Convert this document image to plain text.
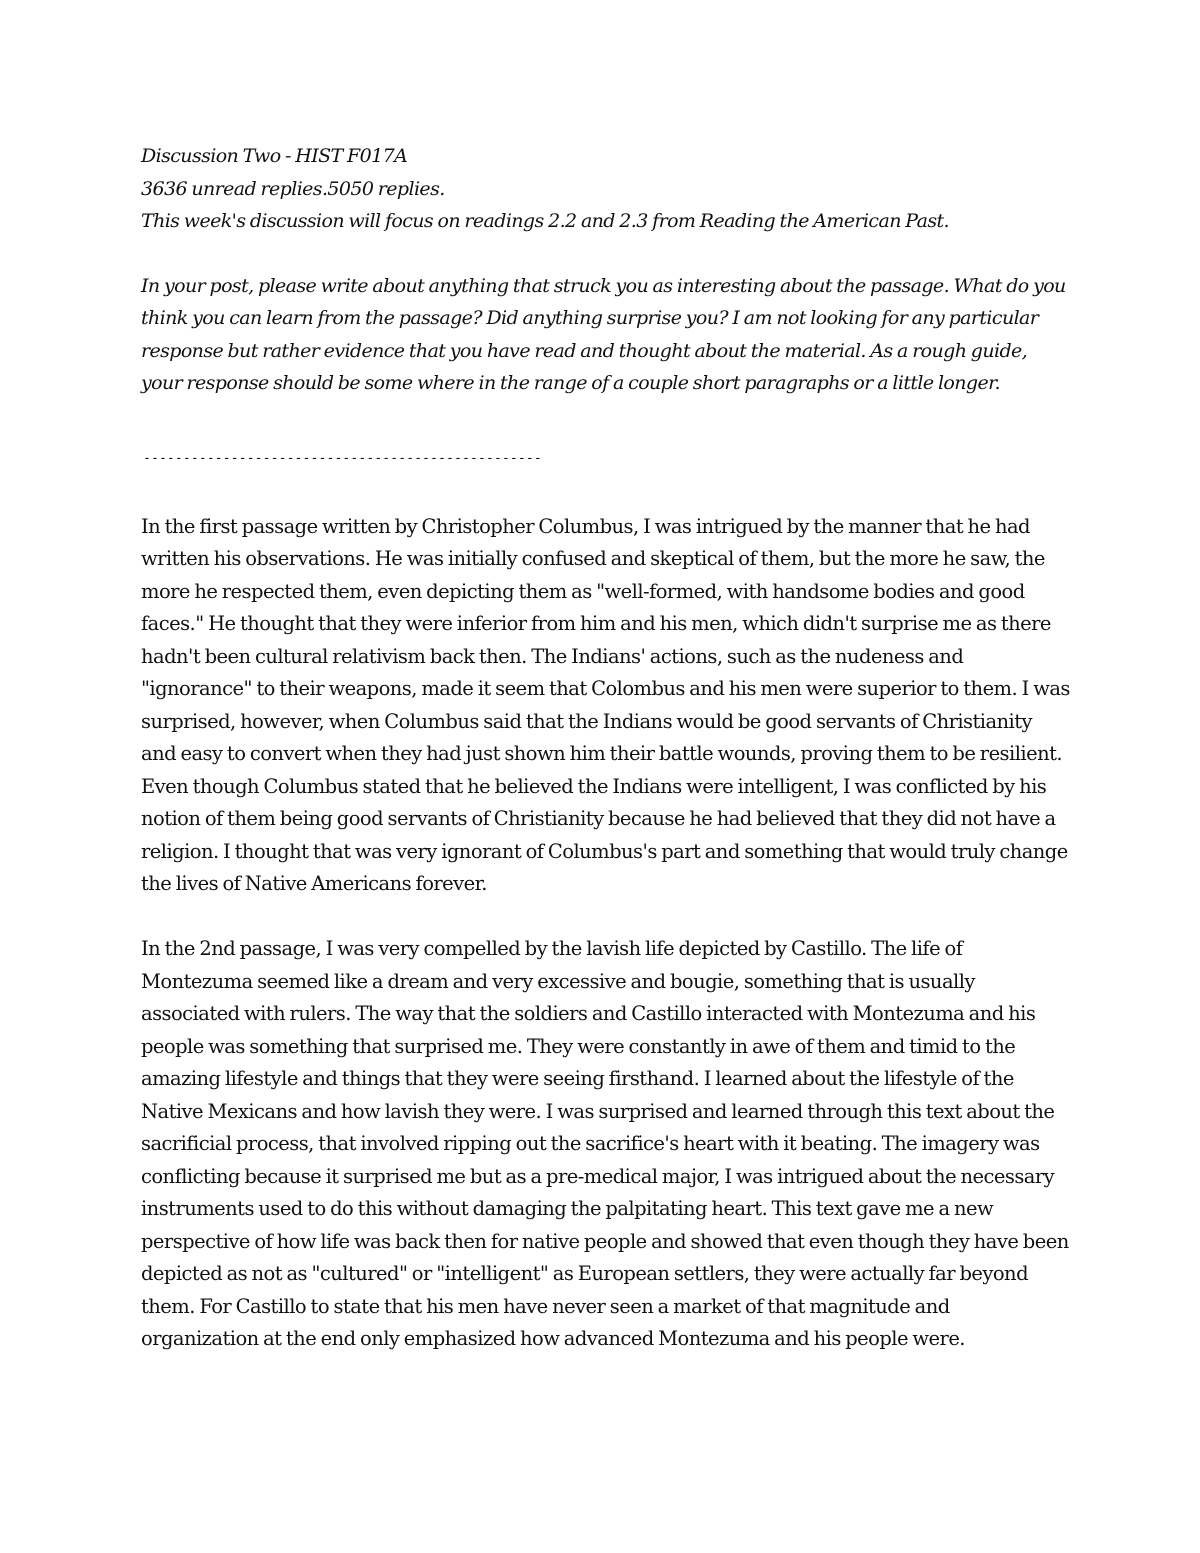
Discussion Two - HIST F017A

3636 unread replies.5050 replies.

This week's discussion will focus on readings 2.2 and 2.3 from Reading the American Past.

In your post, please write about anything that struck you as interesting about the passage. What do you think you can learn from the passage? Did anything surprise you? I am not looking for any particular response but rather evidence that you have read and thought about the material. As a rough guide, your response should be some where in the range of a couple short paragraphs or a little longer.

--------------------------------------------------

In the first passage written by Christopher Columbus, I was intrigued by the manner that he had written his observations. He was initially confused and skeptical of them, but the more he saw, the more he respected them, even depicting them as "well-formed, with handsome bodies and good faces." He thought that they were inferior from him and his men, which didn't surprise me as there hadn't been cultural relativism back then. The Indians' actions, such as the nudeness and "ignorance" to their weapons, made it seem that Colombus and his men were superior to them. I was surprised, however, when Columbus said that the Indians would be good servants of Christianity and easy to convert when they had just shown him their battle wounds, proving them to be resilient. Even though Columbus stated that he believed the Indians were intelligent, I was conflicted by his notion of them being good servants of Christianity because he had believed that they did not have a religion. I thought that was very ignorant of Columbus's part and something that would truly change the lives of Native Americans forever.

In the 2nd passage, I was very compelled by the lavish life depicted by Castillo. The life of Montezuma seemed like a dream and very excessive and bougie, something that is usually associated with rulers. The way that the soldiers and Castillo interacted with Montezuma and his people was something that surprised me. They were constantly in awe of them and timid to the amazing lifestyle and things that they were seeing firsthand. I learned about the lifestyle of the Native Mexicans and how lavish they were. I was surprised and learned through this text about the sacrificial process, that involved ripping out the sacrifice's heart with it beating. The imagery was conflicting because it surprised me but as a pre-medical major, I was intrigued about the necessary instruments used to do this without damaging the palpitating heart. This text gave me a new perspective of how life was back then for native people and showed that even though they have been depicted as not as "cultured" or "intelligent" as European settlers, they were actually far beyond them. For Castillo to state that his men have never seen a market of that magnitude and organization at the end only emphasized how advanced Montezuma and his people were.
